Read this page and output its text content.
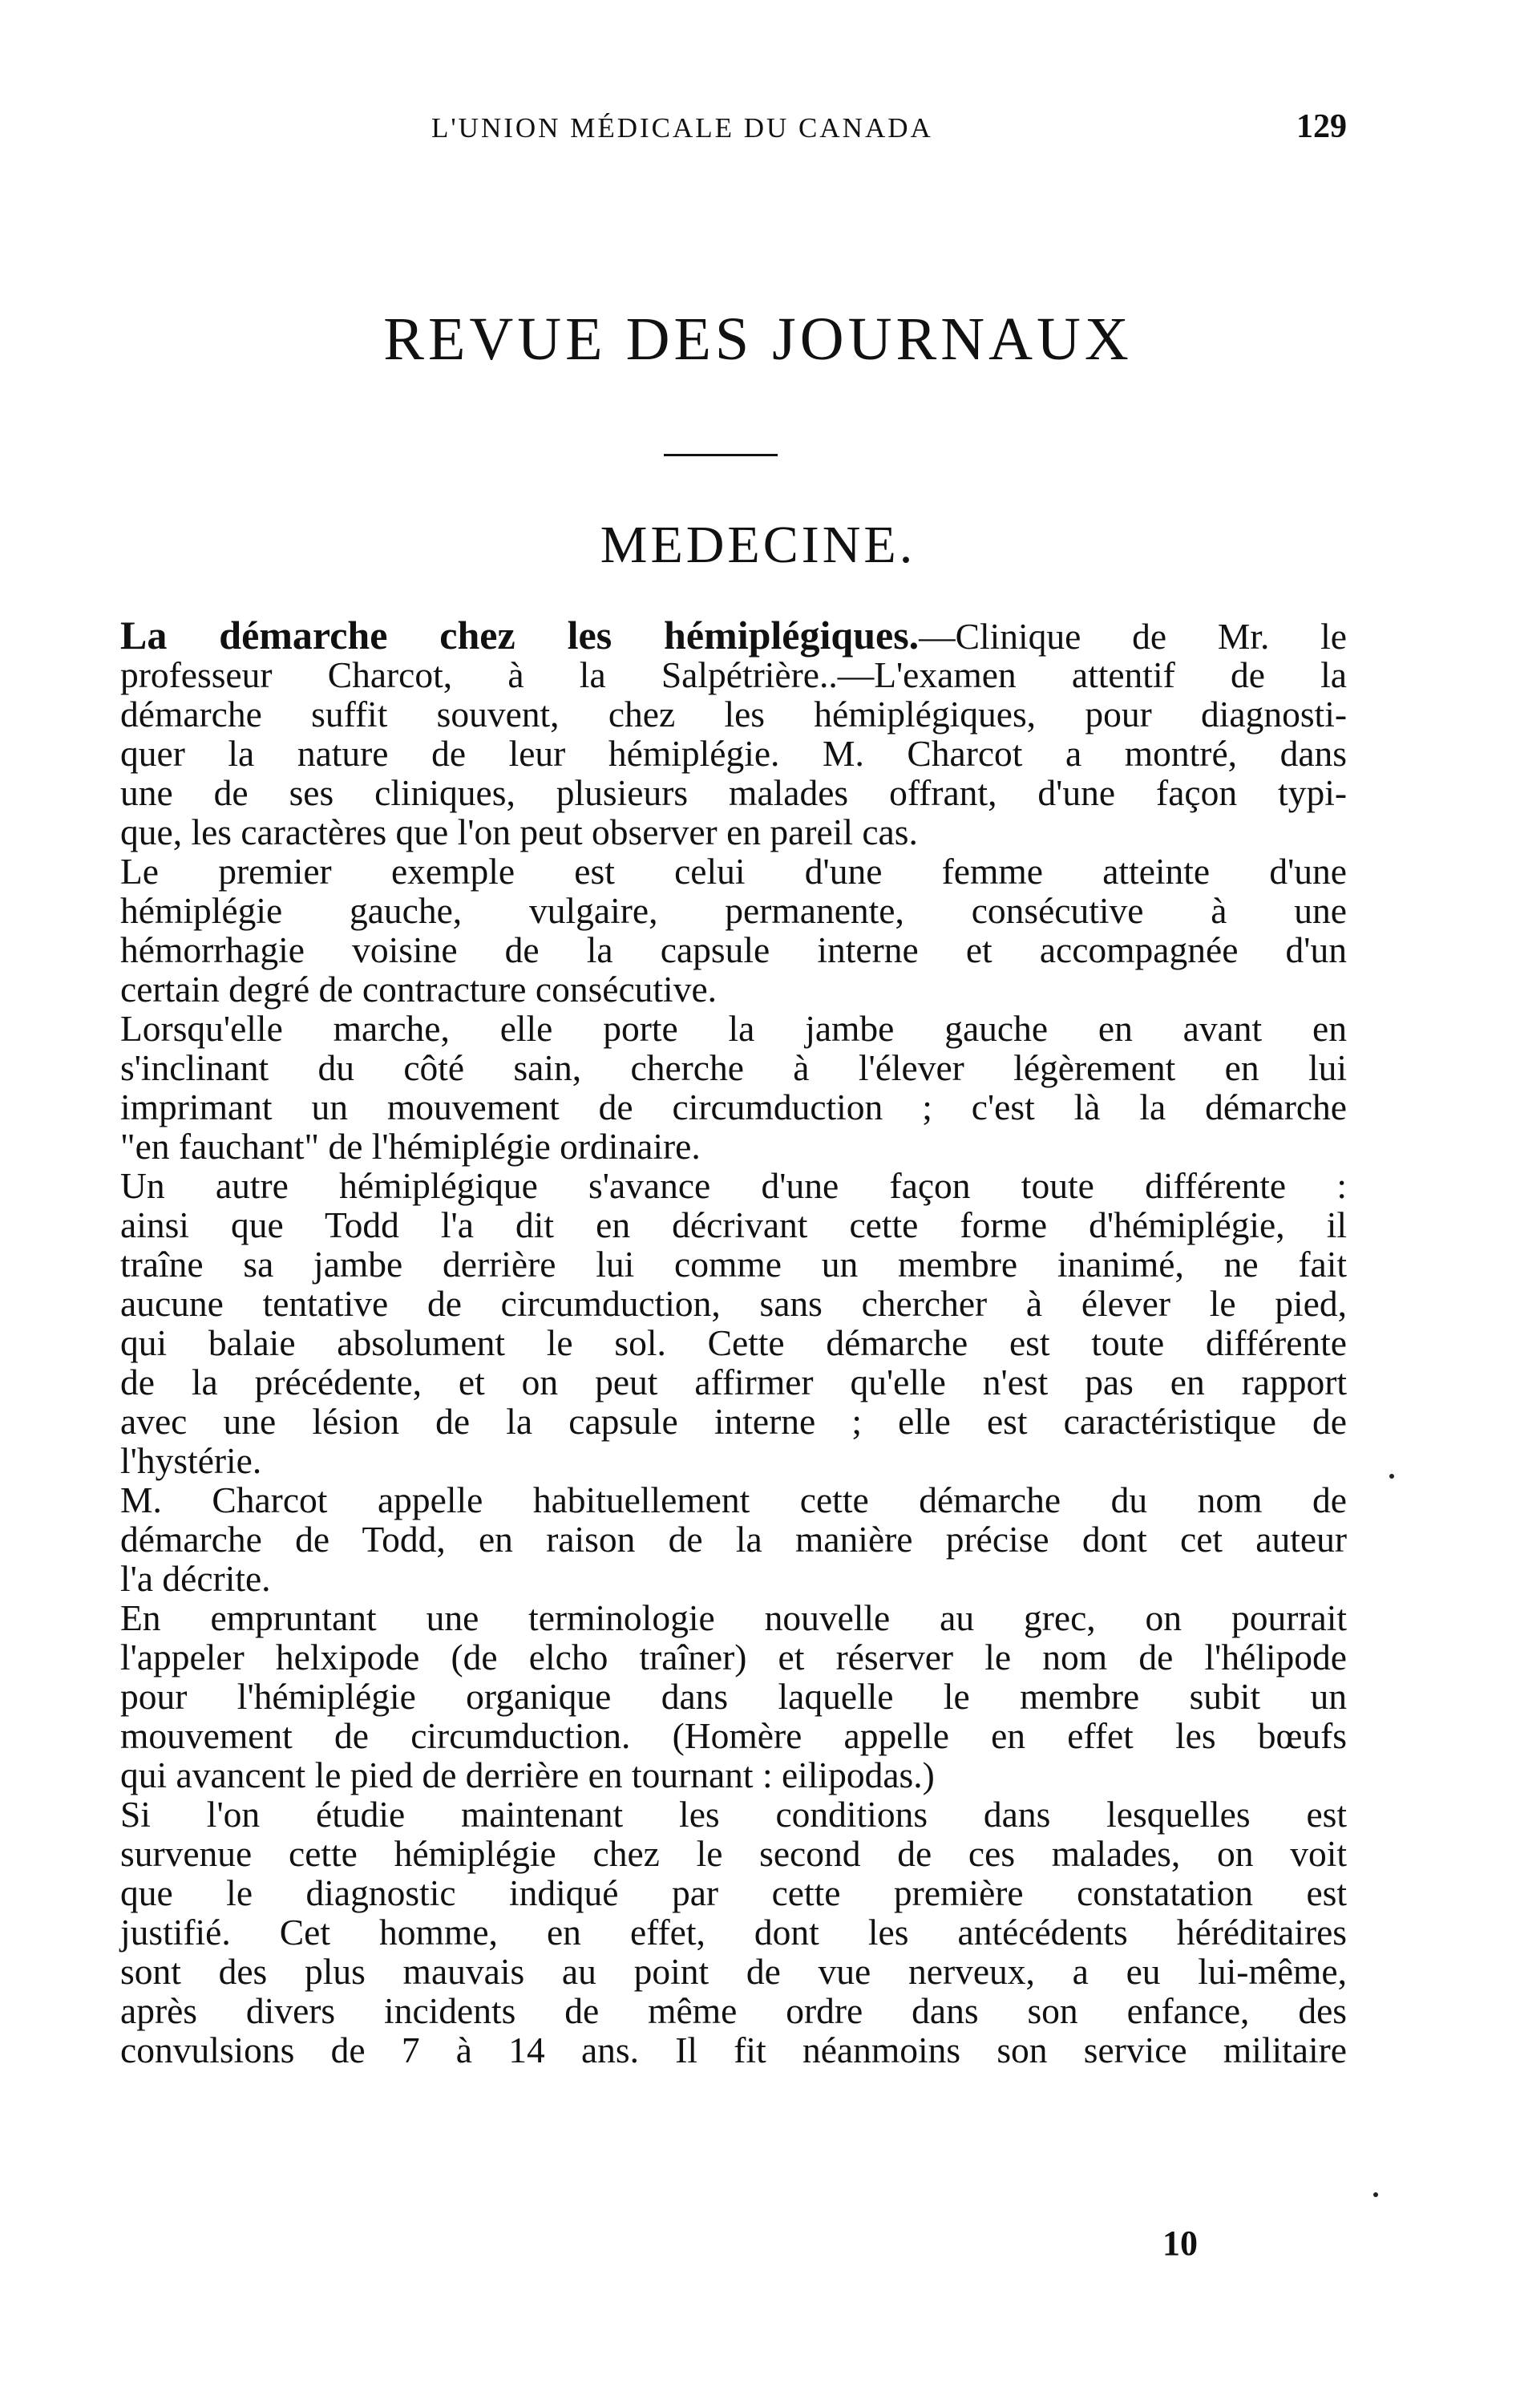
L'UNION MÉDICALE DU CANADA	129
REVUE DES JOURNAUX
MEDECINE.
La démarche chez les hémiplégiques.—Clinique de Mr. le
professeur Charcot, à la Salpétrière..—L'examen attentif de la
démarche suffit souvent, chez les hémiplégiques, pour diagnosti-
quer la nature de leur hémiplégie. M. Charcot a montré, dans
une de ses cliniques, plusieurs malades offrant, d'une façon typi-
que, les caractères que l'on peut observer en pareil cas.
Le premier exemple est celui d'une femme atteinte d'une
hémiplégie gauche, vulgaire, permanente, consécutive à une
hémorrhagie voisine de la capsule interne et accompagnée d'un
certain degré de contracture consécutive.
Lorsqu'elle marche, elle porte la jambe gauche en avant en
s'inclinant du côté sain, cherche à l'élever légèrement en lui
imprimant un mouvement de circumduction ; c'est là la démarche
"en fauchant" de l'hémiplégie ordinaire.
Un autre hémiplégique s'avance d'une façon toute différente :
ainsi que Todd l'a dit en décrivant cette forme d'hémiplégie, il
traîne sa jambe derrière lui comme un membre inanimé, ne fait
aucune tentative de circumduction, sans chercher à élever le pied,
qui balaie absolument le sol. Cette démarche est toute différente
de la précédente, et on peut affirmer qu'elle n'est pas en rapport
avec une lésion de la capsule interne ; elle est caractéristique de
l'hystérie.
M. Charcot appelle habituellement cette démarche du nom de
démarche de Todd, en raison de la manière précise dont cet auteur
l'a décrite.
En empruntant une terminologie nouvelle au grec, on pourrait
l'appeler helxipode (de elcho traîner) et réserver le nom de l'hélipode
pour l'hémiplégie organique dans laquelle le membre subit un
mouvement de circumduction. (Homère appelle en effet les bœufs
qui avancent le pied de derrière en tournant : eilipodas.)
Si l'on étudie maintenant les conditions dans lesquelles est
survenue cette hémiplégie chez le second de ces malades, on voit
que le diagnostic indiqué par cette première constatation est
justifié. Cet homme, en effet, dont les antécédents héréditaires
sont des plus mauvais au point de vue nerveux, a eu lui-même,
après divers incidents de même ordre dans son enfance, des
convulsions de 7 à 14 ans. Il fit néanmoins son service militaire
10
